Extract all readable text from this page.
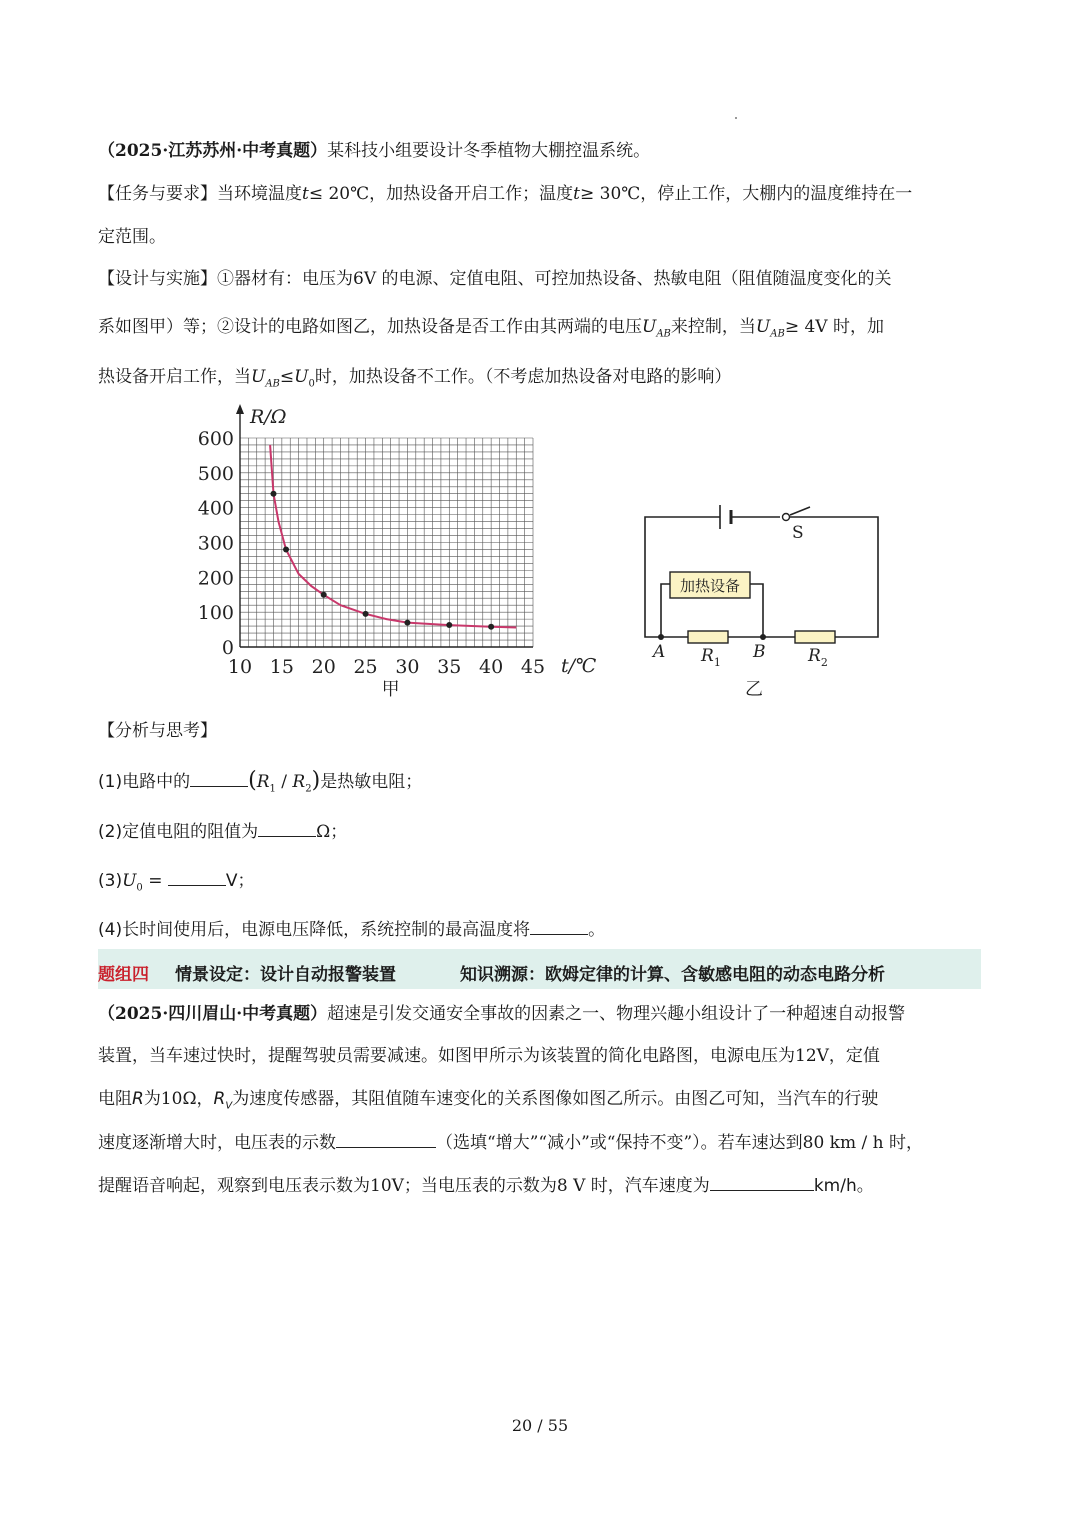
（2025·江苏苏州·中考真题）某科技小组要设计冬季植物大棚控温系统。
【任务与要求】当环境温度t≤ 20℃，加热设备开启工作；温度t≥ 30℃，停止工作，大棚内的温度维持在一
定范围。
【设计与实施】①器材有：电压为6V 的电源、定值电阻、可控加热设备、热敏电阻（阻值随温度变化的关
系如图甲）等；②设计的电路如图乙，加热设备是否工作由其两端的电压$U_{AB}$来控制，当$U_{AB}\ge 4V$ 时，加
热设备开启工作，当$U_{AB}\le U_0$时，加热设备不工作。（不考虑加热设备对电路的影响）
10 15 20 25 30 35 40 45
0
100
200
300
400
500
600
R/Ω
t/℃
甲
加热设备
S
A	B
$R_1$	$R_2$
乙
【分析与思考】
(1)电路中的	$(R_1 / R_2)$是热敏电阻；
(2)定值电阻的阻值为	Ω；
$(3)U_0$ =	V；
(4)长时间使用后，电源电压降低，系统控制的最高温度将	。
题组四 情景设定：设计自动报警装置	知识溯源：欧姆定律的计算、含敏感电阻的动态电路分析
（2025·四川眉山·中考真题）超速是引发交通安全事故的因素之一、物理兴趣小组设计了一种超速自动报警
装置，当车速过快时，提醒驾驶员需要减速。如图甲所示为该装置的简化电路图，电源电压为12V，定值
电阻R为10Ω，$R_V$为速度传感器，其阻值随车速变化的关系图像如图乙所示。由图乙可知，当汽车的行驶
速度逐渐增大时，电压表的示数	（选填“增大”“减小”或“保持不变”）。若车速达到80 km / h 时，
提醒语音响起，观察到电压表示数为10V；当电压表的示数为8 V 时，汽车速度为	km/h。
20 / 55
